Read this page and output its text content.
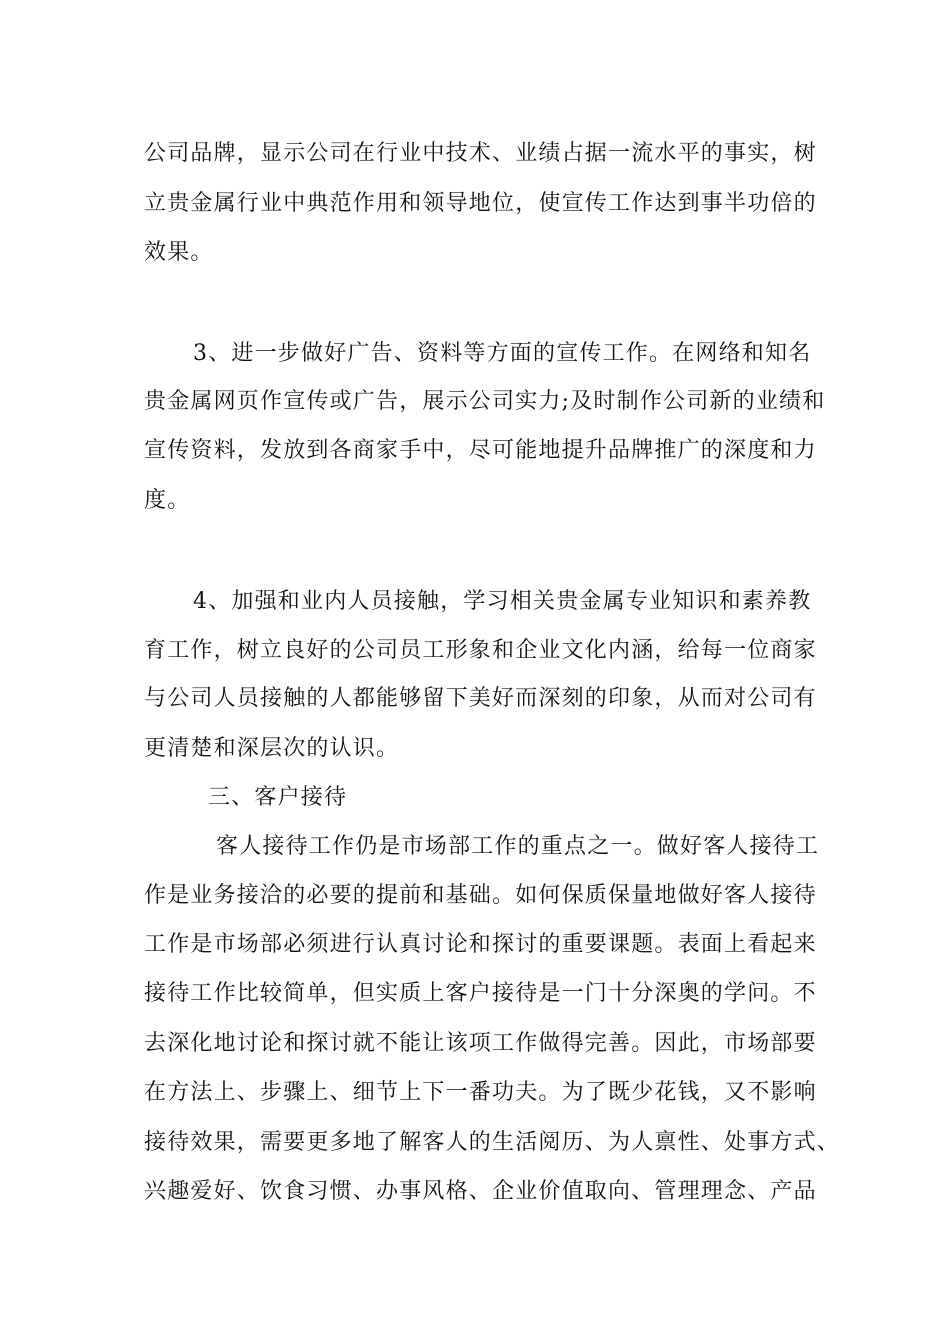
公司品牌，显示公司在行业中技术、业绩占据一流水平的事实，树
立贵金属行业中典范作用和领导地位，使宣传工作达到事半功倍的
效果。
3、进一步做好广告、资料等方面的宣传工作。在网络和知名
贵金属网页作宣传或广告，展示公司实力;及时制作公司新的业绩和
宣传资料，发放到各商家手中，尽可能地提升品牌推广的深度和力
度。
4、加强和业内人员接触，学习相关贵金属专业知识和素养教
育工作，树立良好的公司员工形象和企业文化内涵，给每一位商家
与公司人员接触的人都能够留下美好而深刻的印象，从而对公司有
更清楚和深层次的认识。
三、客户接待
客人接待工作仍是市场部工作的重点之一。做好客人接待工
作是业务接洽的必要的提前和基础。如何保质保量地做好客人接待
工作是市场部必须进行认真讨论和探讨的重要课题。表面上看起来
接待工作比较简单，但实质上客户接待是一门十分深奥的学问。不
去深化地讨论和探讨就不能让该项工作做得完善。因此，市场部要
在方法上、步骤上、细节上下一番功夫。为了既少花钱，又不影响
接待效果，需要更多地了解客人的生活阅历、为人禀性、处事方式、
兴趣爱好、饮食习惯、办事风格、企业价值取向、管理理念、产品
